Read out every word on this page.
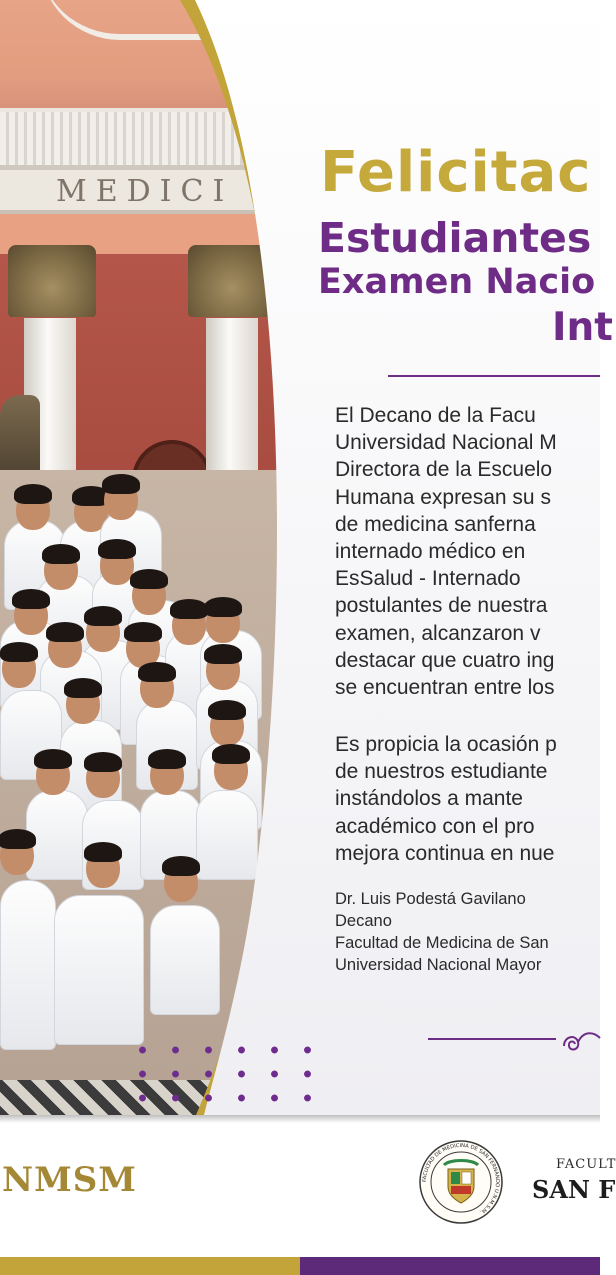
MEDICI Felicitac
Estudiantes
Examen Nacio
Int
El Decano de la Facu
Universidad Nacional M
Directora de la Escuelo
Humana expresan su s
de medicina sanferna
internado médico en
EsSalud - Internado
postulantes de nuestra
examen, alcanzaron v
destacar que cuatro ing
se encuentran entre los
Es propicia la ocasión p
de nuestros estudiante
instándolos a mante
académico con el pro
mejora continua en nue
Dr. Luis Podestá Gavilano
Decano
Facultad de Medicina de San
Universidad Nacional Mayor
NMSM	FACULTAD DE MEDICINA DE SAN FERNANDO U.N.M.S.M.
FACULT
SAN F
